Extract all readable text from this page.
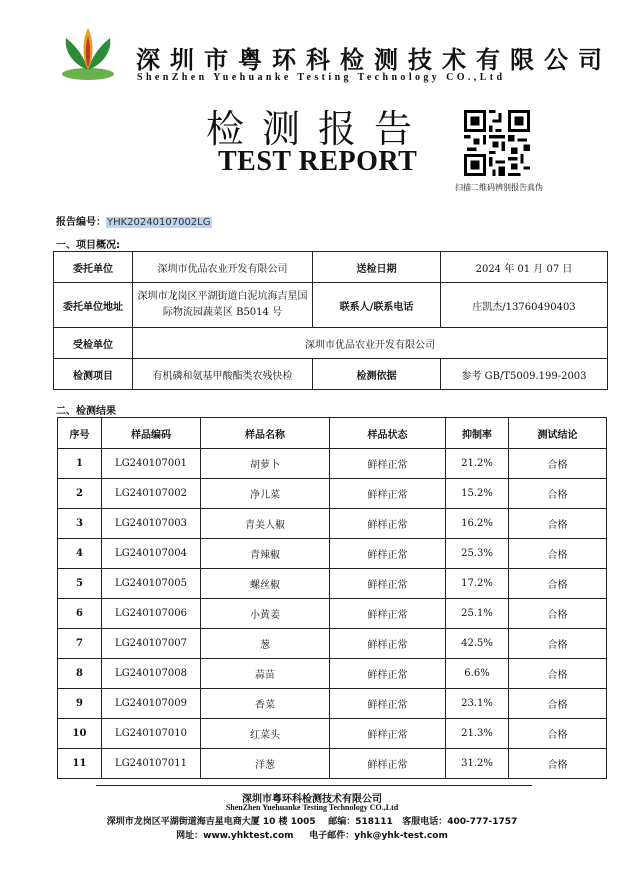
深圳市粤环科检测技术有限公司
ShenZhen Yuehuanke Testing Technology CO.,Ltd
检测报告
TEST REPORT
扫描二维码辨别报告真伪
报告编号：YHK20240107002LG
一、项目概况:
委托单位	深圳市优品农业开发有限公司	送检日期	2024 年 01 月 07 日
委托单位地址	深圳市龙岗区平湖街道白泥坑海吉星国际物流园蔬菜区 B5014 号	联系人/联系电话	庄凯杰/13760490403
受检单位	深圳市优品农业开发有限公司		
检测项目	有机磷和氨基甲酸酯类农残快检	检测依据	参考 GB/T5009.199-2003
二、检测结果
序号	样品编码	样品名称	样品状态	抑制率	测试结论
1	LG240107001	胡萝卜	鲜样正常	21.2%	合格
2	LG240107002	净儿菜	鲜样正常	15.2%	合格
3	LG240107003	青美人椒	鲜样正常	16.2%	合格
4	LG240107004	青辣椒	鲜样正常	25.3%	合格
5	LG240107005	螺丝椒	鲜样正常	17.2%	合格
6	LG240107006	小黄姜	鲜样正常	25.1%	合格
7	LG240107007	葱	鲜样正常	42.5%	合格
8	LG240107008	蒜苗	鲜样正常	6.6%	合格
9	LG240107009	香菜	鲜样正常	23.1%	合格
10	LG240107010	红菜头	鲜样正常	21.3%	合格
11	LG240107011	洋葱	鲜样正常	31.2%	合格
深圳市粤环科检测技术有限公司
ShenZhen Yuehuanke Testing Technology CO.,Ltd
深圳市龙岗区平湖街道海吉星电商大厦 10 楼 1005 邮编：518111 客服电话：400-777-1757
网址：www.yhktest.com 电子邮件：yhk@yhk-test.com
